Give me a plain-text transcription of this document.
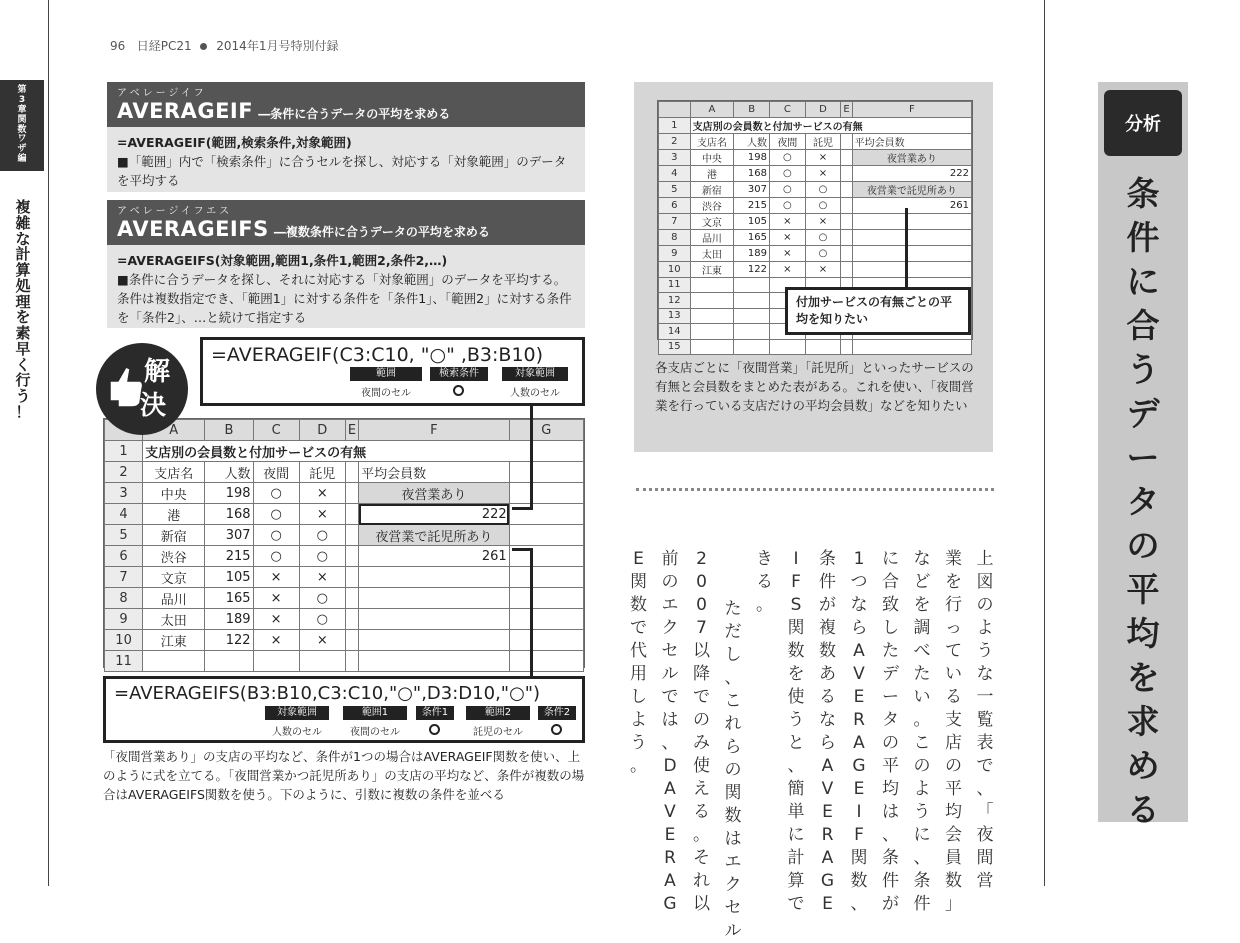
96 日経PC21 2014年1月号特別付録
第
3
章
関
数
ワ
ザ
編
複
雑
な
計
算
処
理
を
素
早
く
行
う
！
アベレージイフ
AVERAGEIF ―条件に合うデータの平均を求める
=AVERAGEIF(範囲,検索条件,対象範囲)
■「範囲」内で「検索条件」に合うセルを探し、対応する「対象範囲」のデータを平均する
アベレージイフエス
AVERAGEIFS ―複数条件に合うデータの平均を求める
=AVERAGEIFS(対象範囲,範囲1,条件1,範囲2,条件2,…)
■条件に合うデータを探し、それに対応する「対象範囲」のデータを平均する。条件は複数指定でき、「範囲1」に対する条件を「条件1」、「範囲2」に対する条件を「条件2」、…と続けて指定する
	A	B	C	D	E	F	G
1	支店別の会員数と付加サービスの有無						
2	支店名	人数	夜間	託児		平均会員数	
3	中央	198	○	×		夜営業あり	
4	港	168	○	×		222	
5	新宿	307	○	○		夜営業で託児所あり	
6	渋谷	215	○	○		261	
7	文京	105	×	×			
8	品川	165	×	○			
9	太田	189	×	○			
10	江東	122	×	×			
11							
=AVERAGEIF(C3:C10, "○" ,B3:B10)
範囲
夜間のセル
検索条件	対象範囲
人数のセル
解
決
=AVERAGEIFS(B3:B10,C3:C10,"○",D3:D10,"○")
対象範囲
人数のセル
範囲1
夜間のセル
条件1	範囲2
託児のセル
条件2
「夜間営業あり」の支店の平均など、条件が1つの場合はAVERAGEIF関数を使い、上のように式を立てる。「夜間営業かつ託児所あり」の支店の平均など、条件が複数の場合はAVERAGEIFS関数を使う。下のように、引数に複数の条件を並べる
	A	B	C	D	E	F
1	支店別の会員数と付加サービスの有無					
2	支店名	人数	夜間	託児		平均会員数
3	中央	198	○	×		夜営業あり
4	港	168	○	×		222
5	新宿	307	○	○		夜営業で託児所あり
6	渋谷	215	○	○		261
7	文京	105	×	×		
8	品川	165	×	○		
9	太田	189	×	○		
10	江東	122	×	×		
11						
12						
13						
14						
15						
付加サービスの有無ごとの平均を知りたい
各支店ごとに「夜間営業」「託児所」といったサービスの有無と会員数をまとめた表がある。これを使い、「夜間営業を行っている支店だけの平均会員数」などを知りたい
上
図
の
よ
う
な
一
覧
表
で
、
「
夜
間
営
業
を
行
っ
て
い
る
支
店
の
平
均
会
員
数
」
な
ど
を
調
べ
た
い
。
こ
の
よ
う
に
、
条
件
に
合
致
し
た
デ
ー
タ
の
平
均
は
、
条
件
が
1
つ
な
ら
A
V
E
R
A
G
E
I
F
関
数
、
条
件
が
複
数
あ
る
な
ら
A
V
E
R
A
G
E
I
F
S
関
数
を
使
う
と
、
簡
単
に
計
算
で
き
る
。

た
だ
し
、
こ
れ
ら
の
関
数
は
エ
ク
セ
ル
2
0
0
7
以
降
で
の
み
使
え
る
。
そ
れ
以
前
の
エ
ク
セ
ル
で
は
、
D
A
V
E
R
A
G
E
関
数
で
代
用
し
よ
う
。
分析
条
件
に
合
う
デ
ー
タ
の
平
均
を
求
め
る
